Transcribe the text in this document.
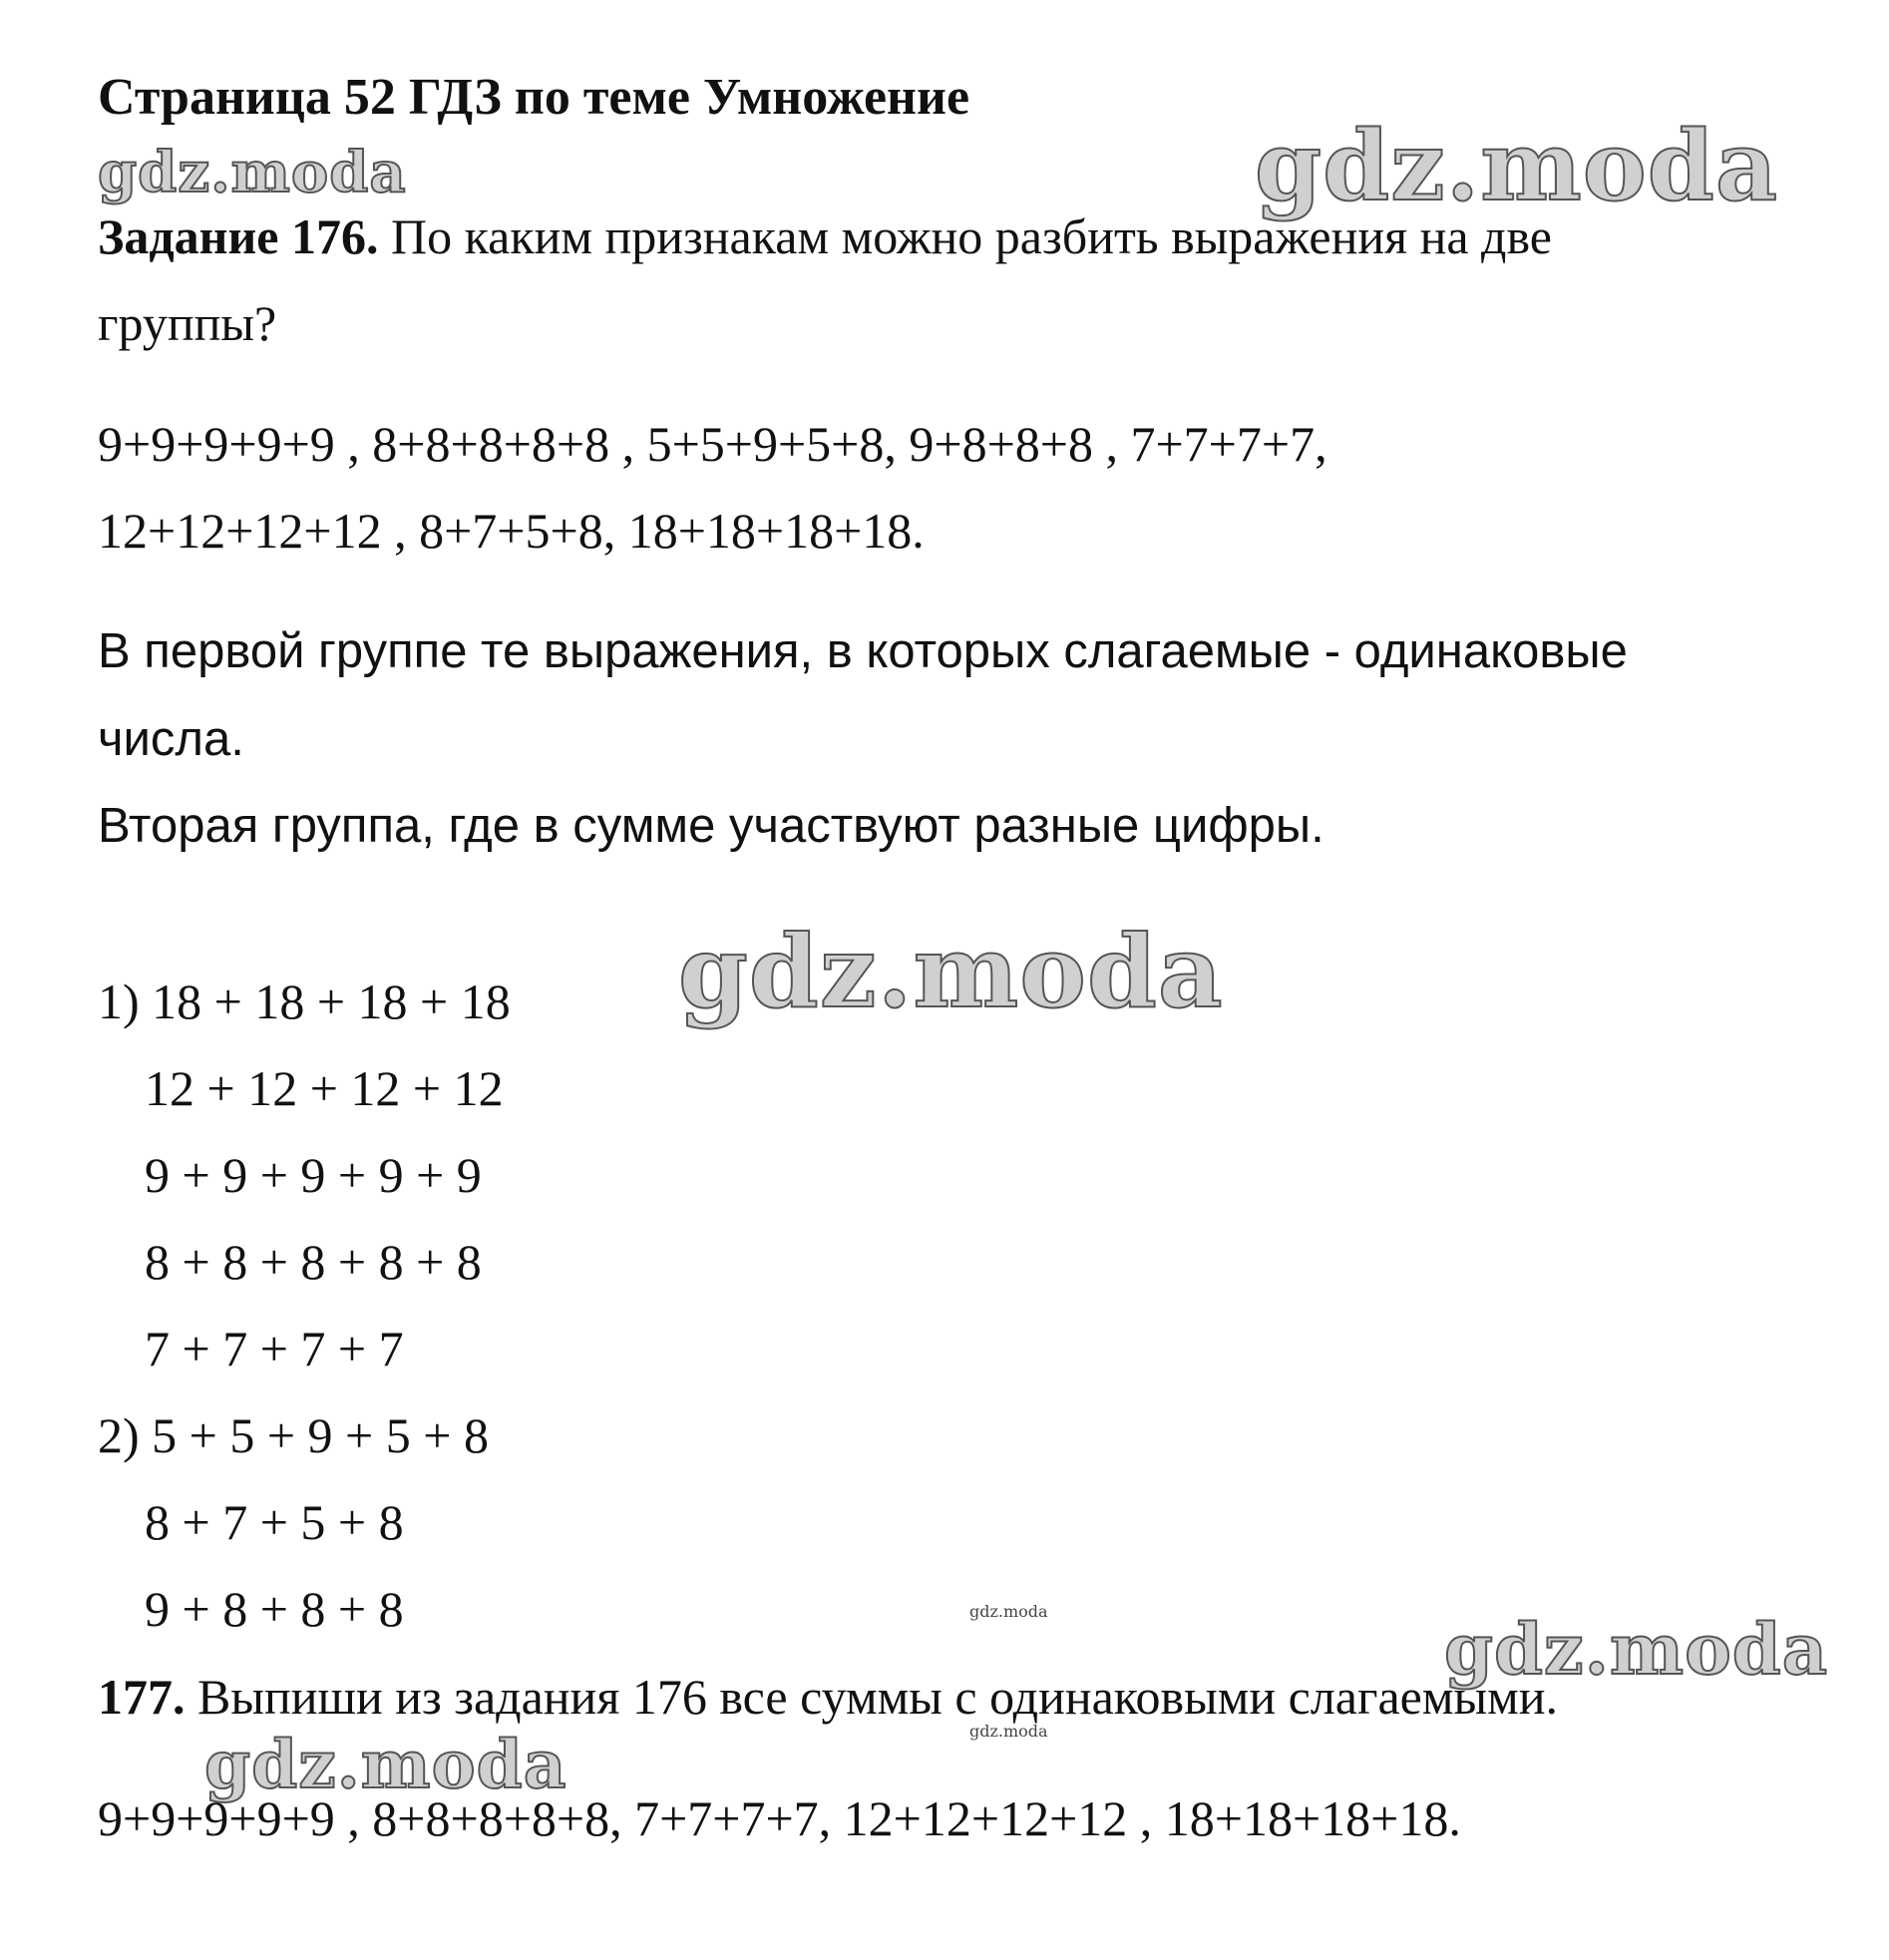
Страница 52 ГДЗ по теме Умножение
gdz.moda	gdz.moda
Задание 176. По каким признакам можно разбить выражения на две
группы?
9+9+9+9+9 , 8+8+8+8+8 , 5+5+9+5+8, 9+8+8+8 , 7+7+7+7,
12+12+12+12 , 8+7+5+8, 18+18+18+18.
В первой группе те выражения, в которых слагаемые - одинаковые
числа.
Вторая группа, где в сумме участвуют разные цифры.
gdz.moda
1) 18 + 18 + 18 + 18
12 + 12 + 12 + 12
9 + 9 + 9 + 9 + 9
8 + 8 + 8 + 8 + 8
7 + 7 + 7 + 7
2) 5 + 5 + 9 + 5 + 8
8 + 7 + 5 + 8
9 + 8 + 8 + 8	gdz.moda	gdz.moda
177. Выпиши из задания 176 все суммы с одинаковыми слагаемыми.
gdz.moda
gdz.moda
9+9+9+9+9 , 8+8+8+8+8, 7+7+7+7, 12+12+12+12 , 18+18+18+18.
